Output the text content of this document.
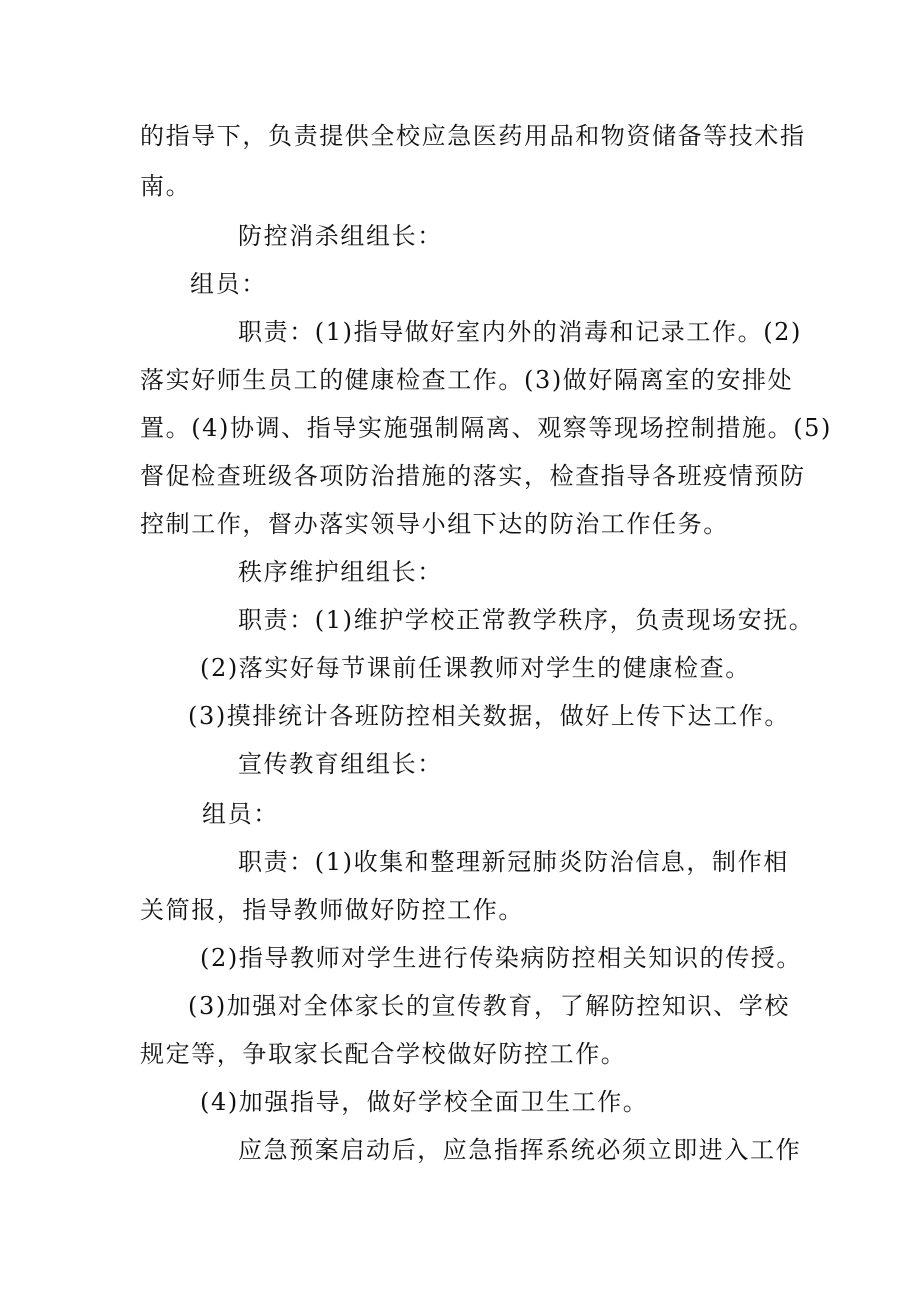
的指导下，负责提供全校应急医药用品和物资储备等技术指
南。
防控消杀组组长：
组员：
职责：(1)指导做好室内外的消毒和记录工作。(2)
落实好师生员工的健康检查工作。(3)做好隔离室的安排处
置。(4)协调、指导实施强制隔离、观察等现场控制措施。(5)
督促检查班级各项防治措施的落实，检查指导各班疫情预防
控制工作，督办落实领导小组下达的防治工作任务。
秩序维护组组长：
职责：(1)维护学校正常教学秩序，负责现场安抚。
(2)落实好每节课前任课教师对学生的健康检查。
(3)摸排统计各班防控相关数据，做好上传下达工作。
宣传教育组组长：
组员：
职责：(1)收集和整理新冠肺炎防治信息，制作相
关简报，指导教师做好防控工作。
(2)指导教师对学生进行传染病防控相关知识的传授。
(3)加强对全体家长的宣传教育，了解防控知识、学校
规定等，争取家长配合学校做好防控工作。
(4)加强指导，做好学校全面卫生工作。
应急预案启动后，应急指挥系统必须立即进入工作
